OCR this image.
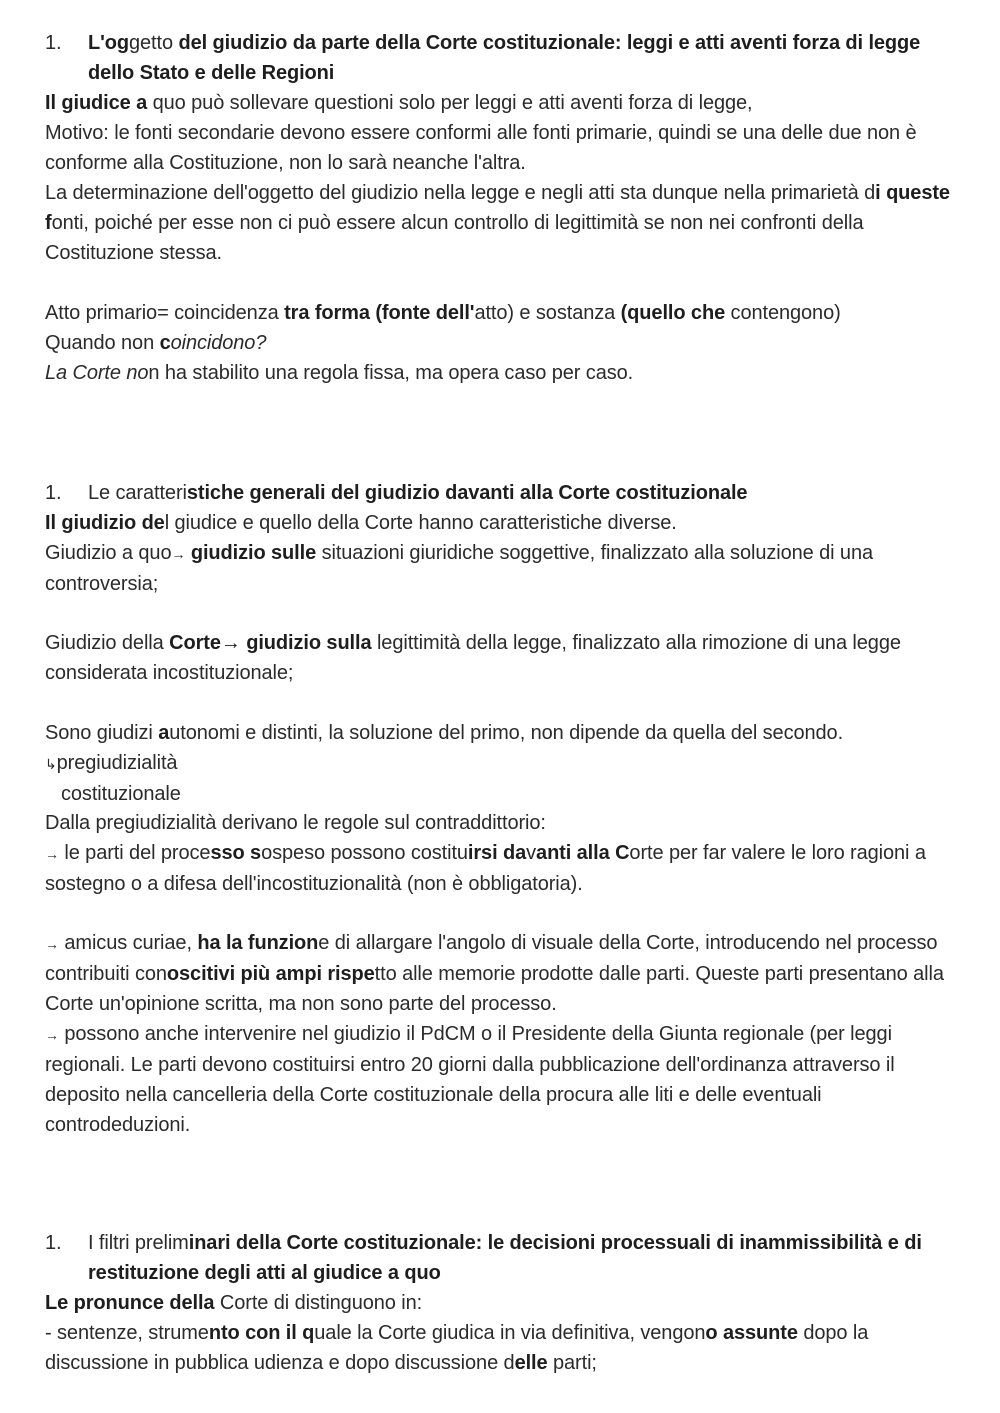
1.	L'oggetto del giudizio da parte della Corte costituzionale: leggi e atti aventi forza di legge dello Stato e delle Regioni
Il giudice a quo può sollevare questioni solo per leggi e atti aventi forza di legge,
Motivo: le fonti secondarie devono essere conformi alle fonti primarie, quindi se una delle due non è conforme alla Costituzione, non lo sarà neanche l'altra.
La determinazione dell'oggetto del giudizio nella legge e negli atti sta dunque nella primarietà di queste fonti, poiché per esse non ci può essere alcun controllo di legittimità se non nei confronti della Costituzione stessa.
Atto primario= coincidenza tra forma (fonte dell'atto) e sostanza (quello che contengono)
Quando non coincidono?
La Corte non ha stabilito una regola fissa, ma opera caso per caso.
1.	Le caratteristiche generali del giudizio davanti alla Corte costituzionale
Il giudizio del giudice e quello della Corte hanno caratteristiche diverse.
Giudizio a quo→ giudizio sulle situazioni giuridiche soggettive, finalizzato alla soluzione di una controversia;
Giudizio della Corte→ giudizio sulla legittimità della legge, finalizzato alla rimozione di una legge considerata incostituzionale;
Sono giudizi autonomi e distinti, la soluzione del primo, non dipende da quella del secondo.
↳pregiudizialità
costituzionale
Dalla pregiudizialità derivano le regole sul contraddittorio:
→ le parti del processo sospeso possono costituirsi davanti alla Corte per far valere le loro ragioni a sostegno o a difesa dell'incostituzionalità (non è obbligatoria).
→ amicus curiae, ha la funzione di allargare l'angolo di visuale della Corte, introducendo nel processo contribuiti conoscitivi più ampi rispetto alle memorie prodotte dalle parti. Queste parti presentano alla Corte un'opinione scritta, ma non sono parte del processo.
→ possono anche intervenire nel giudizio il PdCM o il Presidente della Giunta regionale (per leggi regionali. Le parti devono costituirsi entro 20 giorni dalla pubblicazione dell'ordinanza attraverso il deposito nella cancelleria della Corte costituzionale della procura alle liti e delle eventuali controdeduzioni.
1.	I filtri preliminari della Corte costituzionale: le decisioni processuali di inammissibilità e di restituzione degli atti al giudice a quo
Le pronunce della Corte di distinguono in:
- sentenze, strumento con il quale la Corte giudica in via definitiva, vengono assunte dopo la discussione in pubblica udienza e dopo discussione delle parti;
